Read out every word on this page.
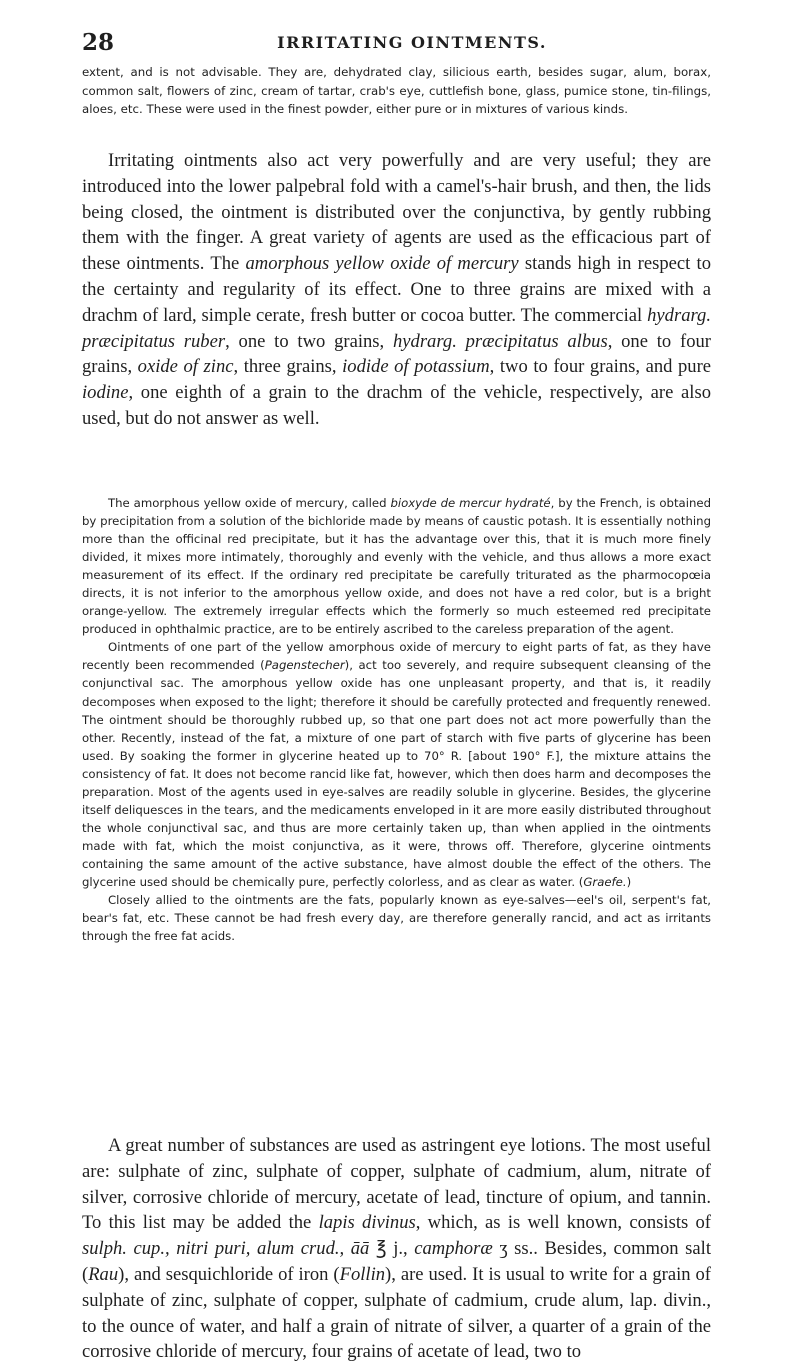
28	IRRITATING OINTMENTS.

extent, and is not advisable. They are, dehydrated clay, silicious earth, besides sugar, alum, borax, common salt, flowers of zinc, cream of tartar, crab's eye, cuttlefish bone, glass, pumice stone, tin-filings, aloes, etc. These were used in the finest powder, either pure or in mixtures of various kinds.

Irritating ointments also act very powerfully and are very useful; they are introduced into the lower palpebral fold with a camel's-hair brush, and then, the lids being closed, the ointment is distributed over the conjunctiva, by gently rubbing them with the finger. A great variety of agents are used as the efficacious part of these ointments. The amorphous yellow oxide of mercury stands high in respect to the certainty and regularity of its effect. One to three grains are mixed with a drachm of lard, simple cerate, fresh butter or cocoa butter. The commercial hydrarg. præcipitatus ruber, one to two grains, hydrarg. præcipitatus albus, one to four grains, oxide of zinc, three grains, iodide of potassium, two to four grains, and pure iodine, one eighth of a grain to the drachm of the vehicle, respectively, are also used, but do not answer as well.

The amorphous yellow oxide of mercury, called bioxyde de mercur hydraté, by the French, is obtained by precipitation from a solution of the bichloride made by means of caustic potash. It is essentially nothing more than the officinal red precipitate, but it has the advantage over this, that it is much more finely divided, it mixes more intimately, thoroughly and evenly with the vehicle, and thus allows a more exact measurement of its effect. If the ordinary red precipitate be carefully triturated as the pharmocopœia directs, it is not inferior to the amorphous yellow oxide, and does not have a red color, but is a bright orange-yellow. The extremely irregular effects which the formerly so much esteemed red precipitate produced in ophthalmic practice, are to be entirely ascribed to the careless preparation of the agent.

Ointments of one part of the yellow amorphous oxide of mercury to eight parts of fat, as they have recently been recommended (Pagenstecher), act too severely, and require subsequent cleansing of the conjunctival sac. The amorphous yellow oxide has one unpleasant property, and that is, it readily decomposes when exposed to the light; therefore it should be carefully protected and frequently renewed. The ointment should be thoroughly rubbed up, so that one part does not act more powerfully than the other. Recently, instead of the fat, a mixture of one part of starch with five parts of glycerine has been used. By soaking the former in glycerine heated up to 70° R. [about 190° F.], the mixture attains the consistency of fat. It does not become rancid like fat, however, which then does harm and decomposes the preparation. Most of the agents used in eye-salves are readily soluble in glycerine. Besides, the glycerine itself deliquesces in the tears, and the medicaments enveloped in it are more easily distributed throughout the whole conjunctival sac, and thus are more certainly taken up, than when applied in the ointments made with fat, which the moist conjunctiva, as it were, throws off. Therefore, glycerine ointments containing the same amount of the active substance, have almost double the effect of the others. The glycerine used should be chemically pure, perfectly colorless, and as clear as water. (Graefe.)

Closely allied to the ointments are the fats, popularly known as eye-salves—eel's oil, serpent's fat, bear's fat, etc. These cannot be had fresh every day, are therefore generally rancid, and act as irritants through the free fat acids.

A great number of substances are used as astringent eye lotions. The most useful are: sulphate of zinc, sulphate of copper, sulphate of cadmium, alum, nitrate of silver, corrosive chloride of mercury, acetate of lead, tincture of opium, and tannin. To this list may be added the lapis divinus, which, as is well known, consists of sulph. cup., nitri puri, alum crud., āā ℥ j., camphoræ ʒ ss.. Besides, common salt (Rau), and sesquichloride of iron (Follin), are used. It is usual to write for a grain of sulphate of zinc, sulphate of copper, sulphate of cadmium, crude alum, lap. divin., to the ounce of water, and half a grain of nitrate of silver, a quarter of a grain of the corrosive chloride of mercury, four grains of acetate of lead, two to
